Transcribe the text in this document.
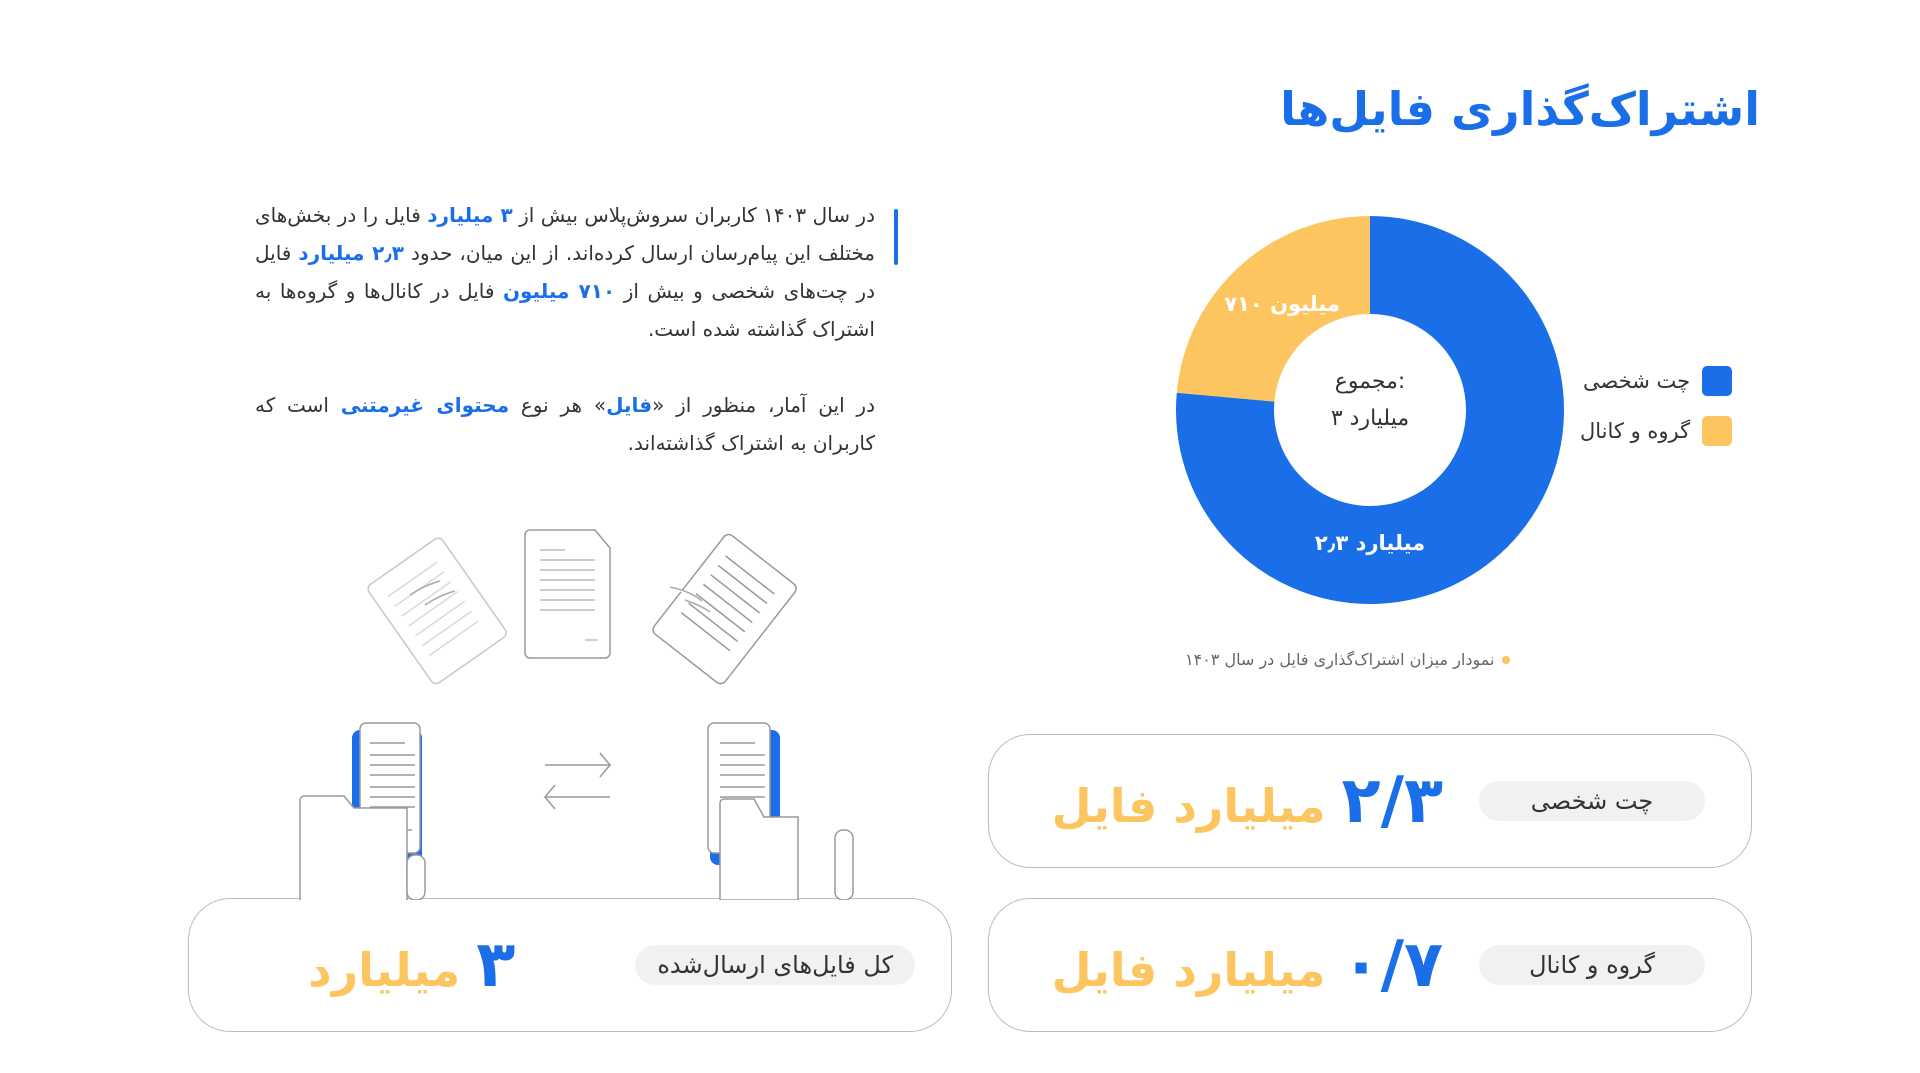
اشتراک‌گذاری فایل‌ها

در سال ۱۴۰۳ کاربران سروش‌پلاس بیش از ۳ میلیارد فایل را در بخش‌های مختلف این پیام‌رسان ارسال کرده‌اند. از این میان، حدود ۲٫۳ میلیارد فایل در چت‌های شخصی و بیش از ۷۱۰ میلیون فایل در کانال‌ها و گروه‌ها به اشتراک گذاشته شده است.

در این آمار، منظور از «فایل» هر نوع محتوای غیرمتنی است که کاربران به اشتراک گذاشته‌اند.

مجموع:
۳ میلیارد
۲٫۳ میلیارد
۷۱۰ میلیون
چت شخصی
گروه و کانال
نمودار میزان اشتراک‌گذاری فایل در سال ۱۴۰۳
چت شخصی
۲/۳
میلیارد فایل
گروه و کانال
۰/۷
میلیارد فایل
کل فایل‌های ارسال‌شده
۳
میلیارد
